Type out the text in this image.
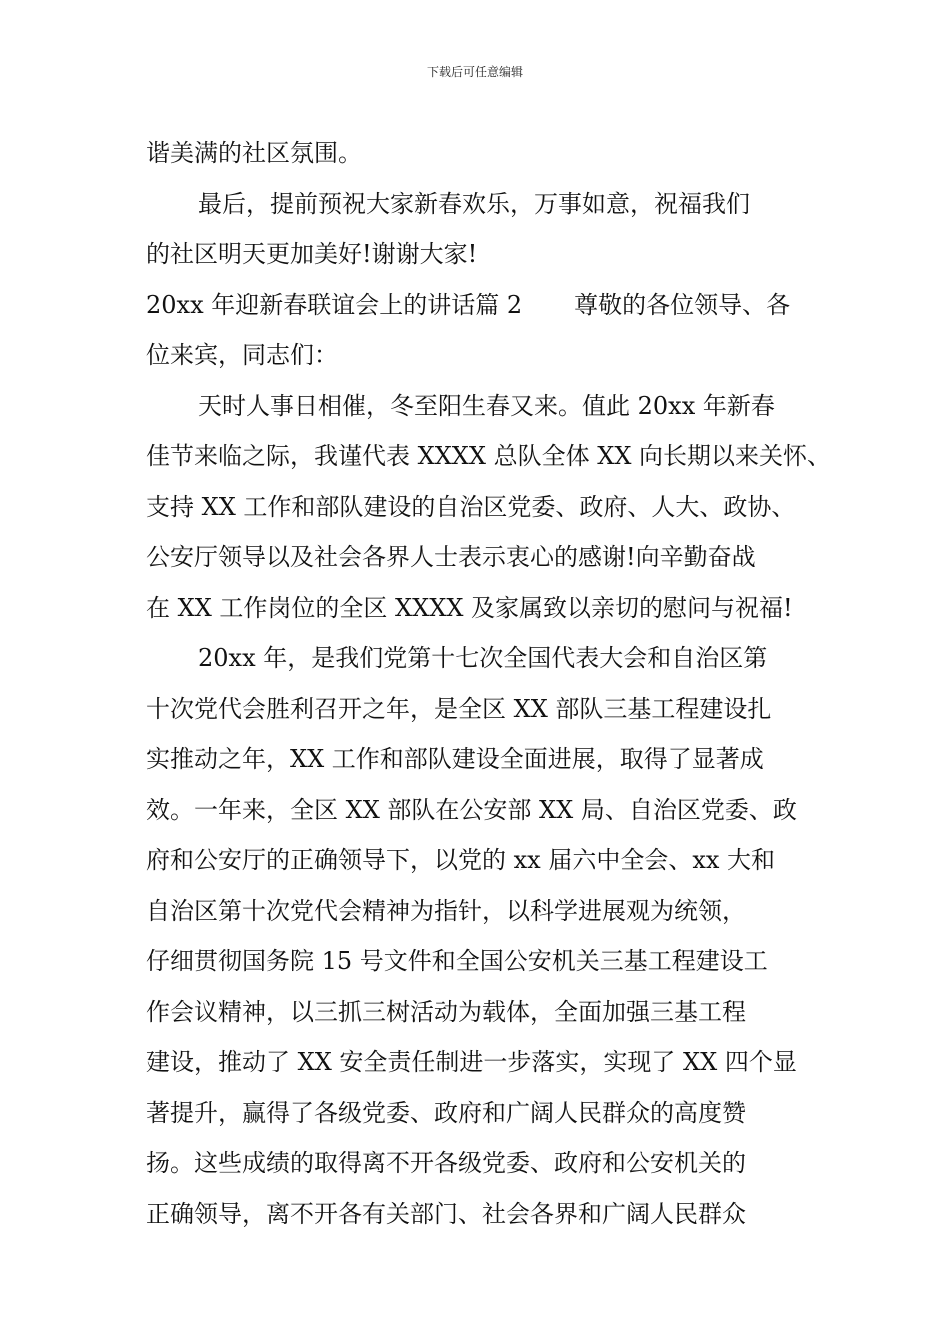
下载后可任意编辑
谐美满的社区氛围。
最后，提前预祝大家新春欢乐，万事如意，祝福我们
的社区明天更加美好!谢谢大家!
20xx 年迎新春联谊会上的讲话篇 2 尊敬的各位领导、各
位来宾，同志们：
天时人事日相催，冬至阳生春又来。值此 20xx 年新春
佳节来临之际，我谨代表 XXXX 总队全体 XX 向长期以来关怀、
支持 XX 工作和部队建设的自治区党委、政府、人大、政协、
公安厅领导以及社会各界人士表示衷心的感谢!向辛勤奋战
在 XX 工作岗位的全区 XXXX 及家属致以亲切的慰问与祝福!
20xx 年，是我们党第十七次全国代表大会和自治区第
十次党代会胜利召开之年，是全区 XX 部队三基工程建设扎
实推动之年，XX 工作和部队建设全面进展，取得了显著成
效。一年来，全区 XX 部队在公安部 XX 局、自治区党委、政
府和公安厅的正确领导下，以党的 xx 届六中全会、xx 大和
自治区第十次党代会精神为指针，以科学进展观为统领，
仔细贯彻国务院 15 号文件和全国公安机关三基工程建设工
作会议精神，以三抓三树活动为载体，全面加强三基工程
建设，推动了 XX 安全责任制进一步落实，实现了 XX 四个显
著提升，赢得了各级党委、政府和广阔人民群众的高度赞
扬。这些成绩的取得离不开各级党委、政府和公安机关的
正确领导，离不开各有关部门、社会各界和广阔人民群众
